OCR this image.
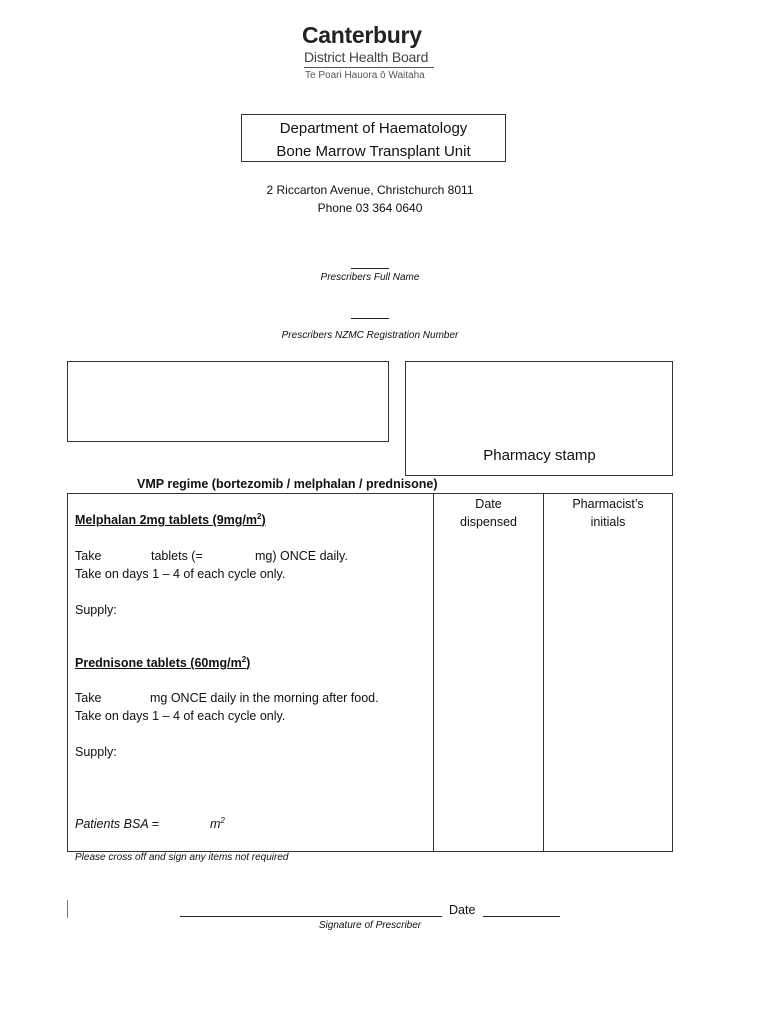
Canterbury
District Health Board
Te Poari Hauora ō Waitaha
Department of Haematology
Bone Marrow Transplant Unit
2 Riccarton Avenue, Christchurch 8011
Phone 03 364 0640
Prescribers Full Name
Prescribers NZMC Registration Number
Pharmacy stamp
VMP regime (bortezomib / melphalan / prednisone)
Date
dispensed
Pharmacist’s
initials
Melphalan 2mg tablets $(9mg/m^2)$
Take	tablets (=	mg) ONCE daily.
Take on days 1 – 4 of each cycle only.
Supply:
Prednisone tablets $(60mg/m^2)$
Take	mg ONCE daily in the morning after food.
Take on days 1 – 4 of each cycle only.
Supply:
Patients BSA =	$m^2$
Please cross off and sign any items not required
Date
Signature of Prescriber
